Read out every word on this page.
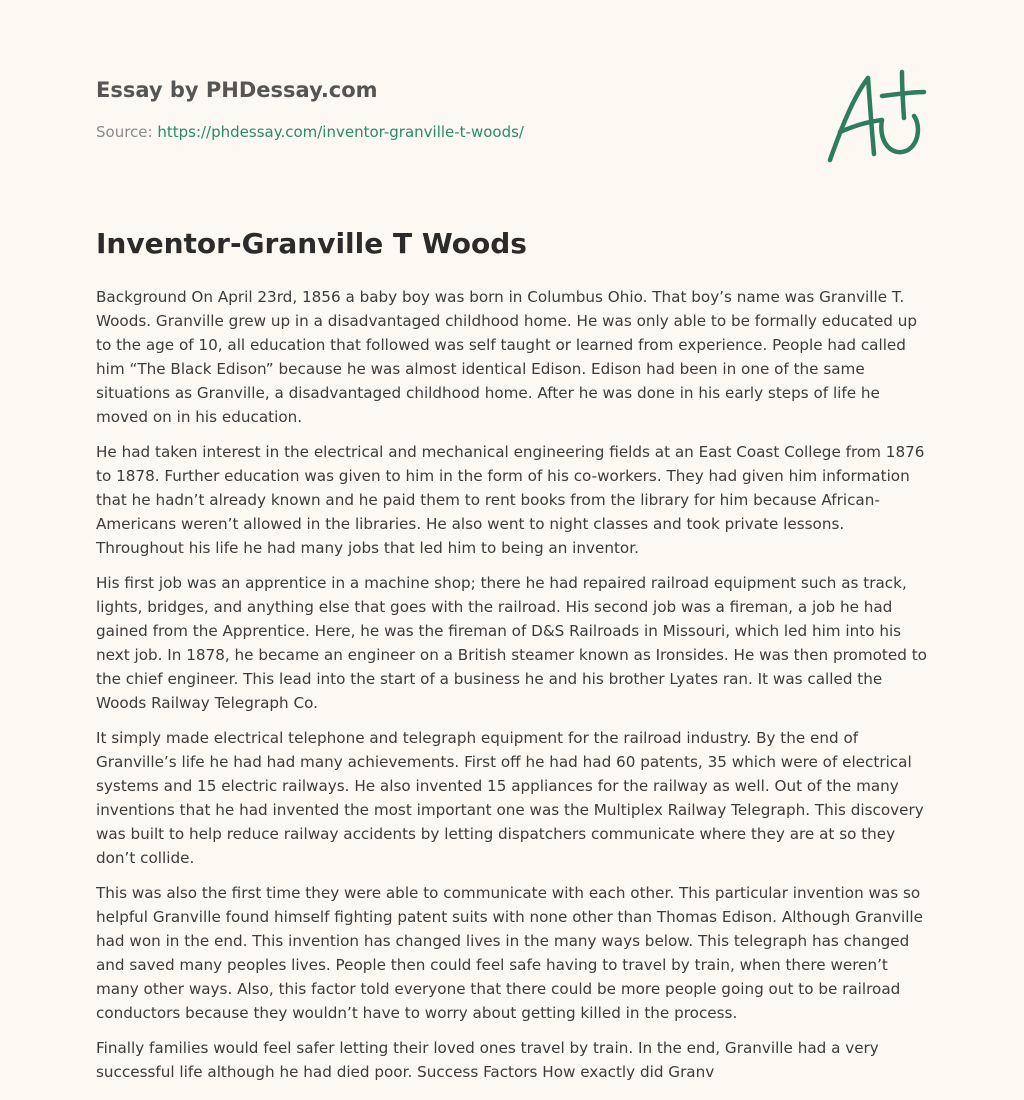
Essay by PHDessay.com
Source: https://phdessay.com/inventor-granville-t-woods/
Inventor-Granville T Woods

Background On April 23rd, 1856 a baby boy was born in Columbus Ohio. That boy’s name was Granville T. Woods. Granville grew up in a disadvantaged childhood home. He was only able to be formally educated up to the age of 10, all education that followed was self taught or learned from experience. People had called him “The Black Edison” because he was almost identical Edison. Edison had been in one of the same situations as Granville, a disadvantaged childhood home. After he was done in his early steps of life he moved on in his education.

He had taken interest in the electrical and mechanical engineering fields at an East Coast College from 1876 to 1878. Further education was given to him in the form of his co-workers. They had given him information that he hadn’t already known and he paid them to rent books from the library for him because African-Americans weren’t allowed in the libraries. He also went to night classes and took private lessons. Throughout his life he had many jobs that led him to being an inventor.

His first job was an apprentice in a machine shop; there he had repaired railroad equipment such as track, lights, bridges, and anything else that goes with the railroad. His second job was a fireman, a job he had gained from the Apprentice. Here, he was the fireman of D&S Railroads in Missouri, which led him into his next job. In 1878, he became an engineer on a British steamer known as Ironsides. He was then promoted to the chief engineer. This lead into the start of a business he and his brother Lyates ran. It was called the Woods Railway Telegraph Co.

It simply made electrical telephone and telegraph equipment for the railroad industry. By the end of Granville’s life he had had many achievements. First off he had had 60 patents, 35 which were of electrical systems and 15 electric railways. He also invented 15 appliances for the railway as well. Out of the many inventions that he had invented the most important one was the Multiplex Railway Telegraph. This discovery was built to help reduce railway accidents by letting dispatchers communicate where they are at so they don’t collide.

This was also the first time they were able to communicate with each other. This particular invention was so helpful Granville found himself fighting patent suits with none other than Thomas Edison. Although Granville had won in the end. This invention has changed lives in the many ways below. This telegraph has changed and saved many peoples lives. People then could feel safe having to travel by train, when there weren’t many other ways. Also, this factor told everyone that there could be more people going out to be railroad conductors because they wouldn’t have to worry about getting killed in the process.

Finally families would feel safer letting their loved ones travel by train. In the end, Granville had a very successful life although he had died poor. Success Factors How exactly did Granv
